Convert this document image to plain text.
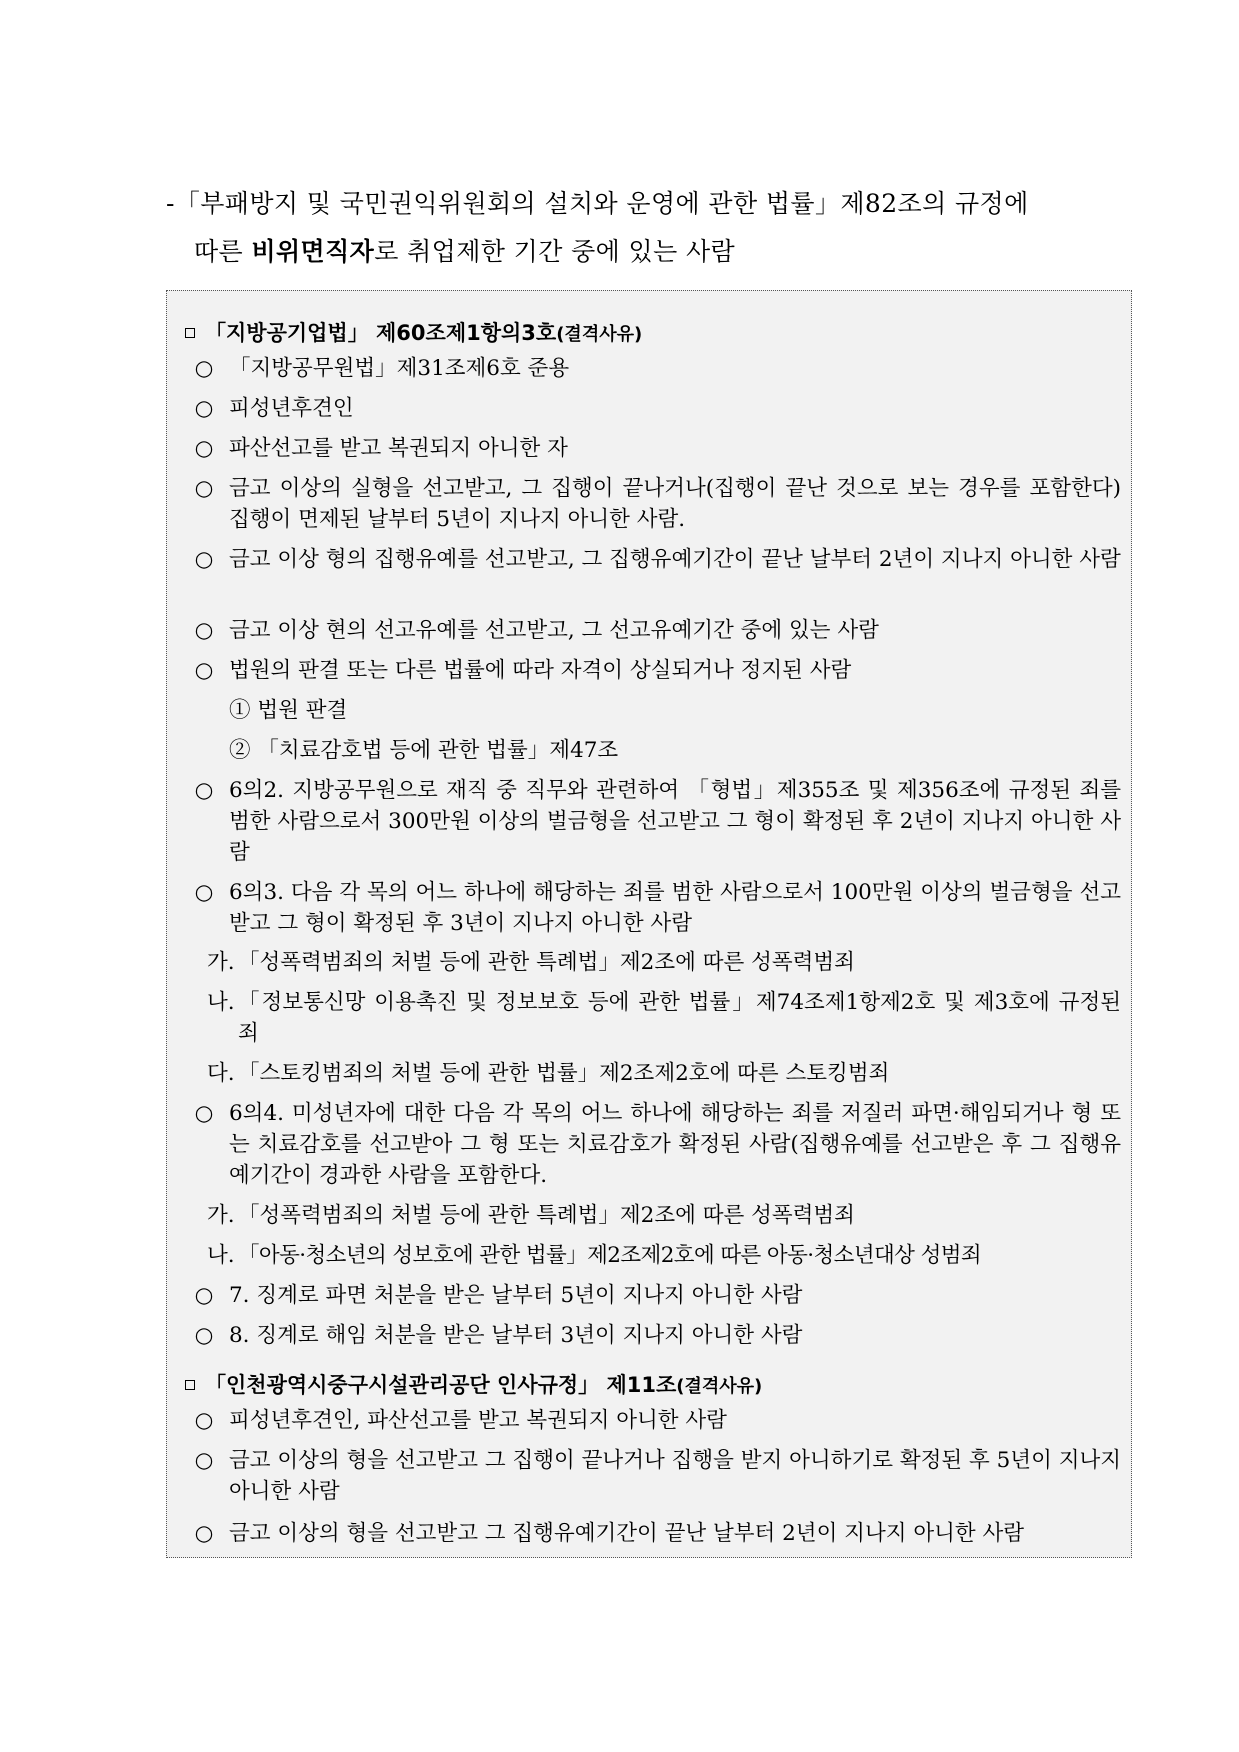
-「부패방지 및 국민권익위원회의 설치와 운영에 관한 법률」제82조의 규정에
따른 비위면직자로 취업제한 기간 중에 있는 사람
「지방공기업법」 제60조제1항의3호(결격사유)
○ 「지방공무원법」제31조제6호 준용
○ 피성년후견인
○ 파산선고를 받고 복권되지 아니한 자
○ 금고 이상의 실형을 선고받고, 그 집행이 끝나거나(집행이 끝난 것으로 보는 경우를 포함한다) 집행이 면제된 날부터 5년이 지나지 아니한 사람.
○ 금고 이상 형의 집행유예를 선고받고, 그 집행유예기간이 끝난 날부터 2년이 지나지 아니한 사람
○ 금고 이상 현의 선고유예를 선고받고, 그 선고유예기간 중에 있는 사람
○ 법원의 판결 또는 다른 법률에 따라 자격이 상실되거나 정지된 사람
① 법원 판결
② 「치료감호법 등에 관한 법률」제47조
○ 6의2. 지방공무원으로 재직 중 직무와 관련하여 「형법」제355조 및 제356조에 규정된 죄를 범한 사람으로서 300만원 이상의 벌금형을 선고받고 그 형이 확정된 후 2년이 지나지 아니한 사람
○ 6의3. 다음 각 목의 어느 하나에 해당하는 죄를 범한 사람으로서 100만원 이상의 벌금형을 선고받고 그 형이 확정된 후 3년이 지나지 아니한 사람
가. 「성폭력범죄의 처벌 등에 관한 특례법」제2조에 따른 성폭력범죄
나. 「정보통신망 이용촉진 및 정보보호 등에 관한 법률」제74조제1항제2호 및 제3호에 규정된 죄
다. 「스토킹범죄의 처벌 등에 관한 법률」제2조제2호에 따른 스토킹범죄
○ 6의4. 미성년자에 대한 다음 각 목의 어느 하나에 해당하는 죄를 저질러 파면·해임되거나 형 또는 치료감호를 선고받아 그 형 또는 치료감호가 확정된 사람(집행유예를 선고받은 후 그 집행유예기간이 경과한 사람을 포함한다.
가. 「성폭력범죄의 처벌 등에 관한 특례법」제2조에 따른 성폭력범죄
나. 「아동·청소년의 성보호에 관한 법률」제2조제2호에 따른 아동·청소년대상 성범죄
○ 7. 징계로 파면 처분을 받은 날부터 5년이 지나지 아니한 사람
○ 8. 징계로 해임 처분을 받은 날부터 3년이 지나지 아니한 사람
「인천광역시중구시설관리공단 인사규정」 제11조(결격사유)
○ 피성년후견인, 파산선고를 받고 복권되지 아니한 사람
○ 금고 이상의 형을 선고받고 그 집행이 끝나거나 집행을 받지 아니하기로 확정된 후 5년이 지나지 아니한 사람
○ 금고 이상의 형을 선고받고 그 집행유예기간이 끝난 날부터 2년이 지나지 아니한 사람
